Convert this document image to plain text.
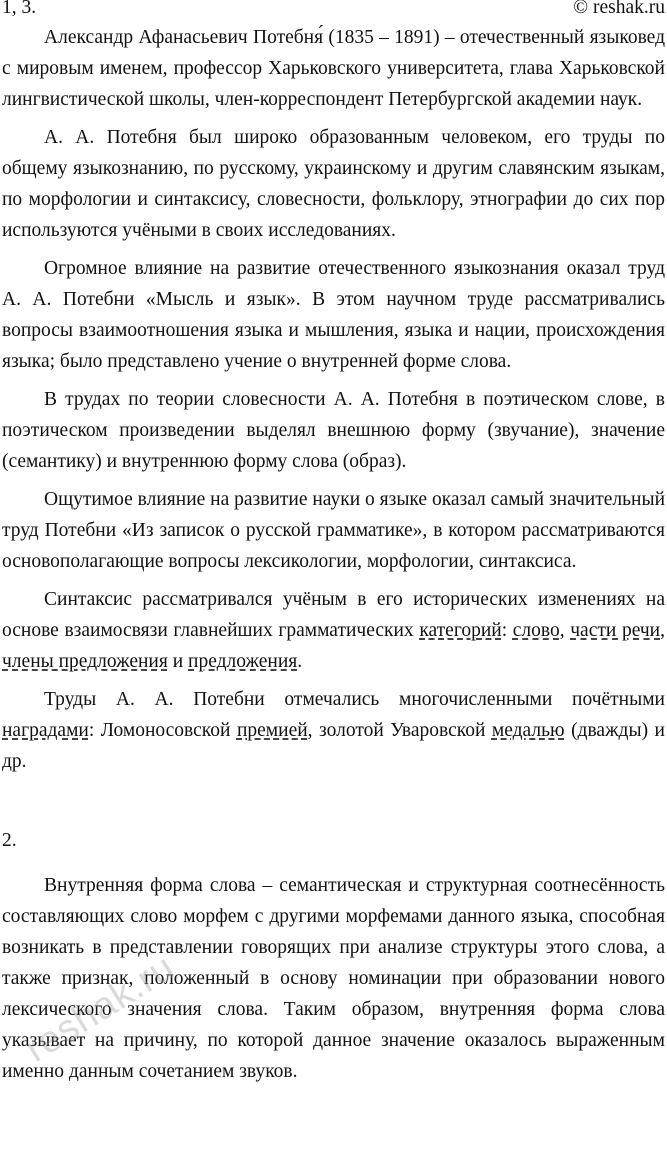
1, 3.	© reshak.ru

Александр Афанасьевич Потебня́ (1835 – 1891) – отечественный языковед с мировым именем, профессор Харьковского университета, глава Харьковской лингвистической школы, член-корреспондент Петербургской академии наук.

А. А. Потебня был широко образованным человеком, его труды по общему языкознанию, по русскому, украинскому и другим славянским языкам, по морфологии и синтаксису, словесности, фольклору, этнографии до сих пор используются учёными в своих исследованиях.

Огромное влияние на развитие отечественного языкознания оказал труд А. А. Потебни «Мысль и язык». В этом научном труде рассматривались вопросы взаимоотношения языка и мышления, языка и нации, происхождения языка; было представлено учение о внутренней форме слова.

В трудах по теории словесности А. А. Потебня в поэтическом слове, в поэтическом произведении выделял внешнюю форму (звучание), значение (семантику) и внутреннюю форму слова (образ).

Ощутимое влияние на развитие науки о языке оказал самый значительный труд Потебни «Из записок о русской грамматике», в котором рассматриваются основополагающие вопросы лексикологии, морфологии, синтаксиса.

Синтаксис рассматривался учёным в его исторических изменениях на основе взаимосвязи главнейших грамматических категорий: слово, части речи, члены предложения и предложения.

Труды А. А. Потебни отмечались многочисленными почётными наградами: Ломоносовской премией, золотой Уваровской медалью (дважды) и др.

2.

Внутренняя форма слова – семантическая и структурная соотнесённость составляющих слово морфем с другими морфемами данного языка, способная возникать в представлении говорящих при анализе структуры этого слова, а также признак, положенный в основу номинации при образовании нового лексического значения слова. Таким образом, внутренняя форма слова указывает на причину, по которой данное значение оказалось выраженным именно данным сочетанием звуков.

reshak.ru
